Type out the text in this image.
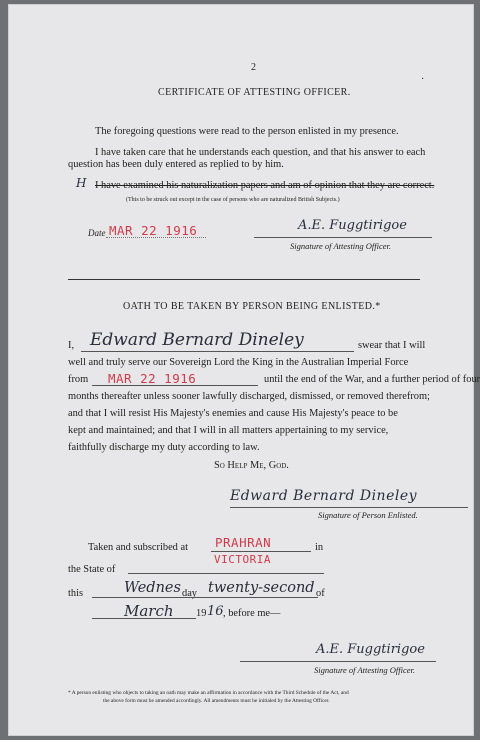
2
·
CERTIFICATE OF ATTESTING OFFICER.
The foregoing questions were read to the person enlisted in my presence.
I have taken care that he understands each question, and that his answer to each
question has been duly entered as replied to by him.
H I have examined his naturalization papers and am of opinion that they are correct.
(This to be struck out except in the case of persons who are naturalized British Subjects.)
Date MAR 22 1916	A.E. Fuggtirigoe
Signature of Attesting Officer.
OATH TO BE TAKEN BY PERSON BEING ENLISTED.*
I, Edward Bernard Dineley	swear that I will
well and truly serve our Sovereign Lord the King in the Australian Imperial Force
from MAR 22 1916	until the end of the War, and a further period of four
months thereafter unless sooner lawfully discharged, dismissed, or removed therefrom;
and that I will resist His Majesty's enemies and cause His Majesty's peace to be
kept and maintained; and that I will in all matters appertaining to my service,
faithfully discharge my duty according to law.
So Help Me, God.
Edward Bernard Dineley
Signature of Person Enlisted.
Taken and subscribed at PRAHRAN	in
the State of
VICTORIA
this	Wednes day twenty-second of
March 19 16 , before me—
A.E. Fuggtirigoe
Signature of Attesting Officer.
* A person enlisting who objects to taking an oath may make an affirmation in accordance with the Third Schedule of the Act, and
the above form must be amended accordingly. All amendments must be initialed by the Attesting Officer.
